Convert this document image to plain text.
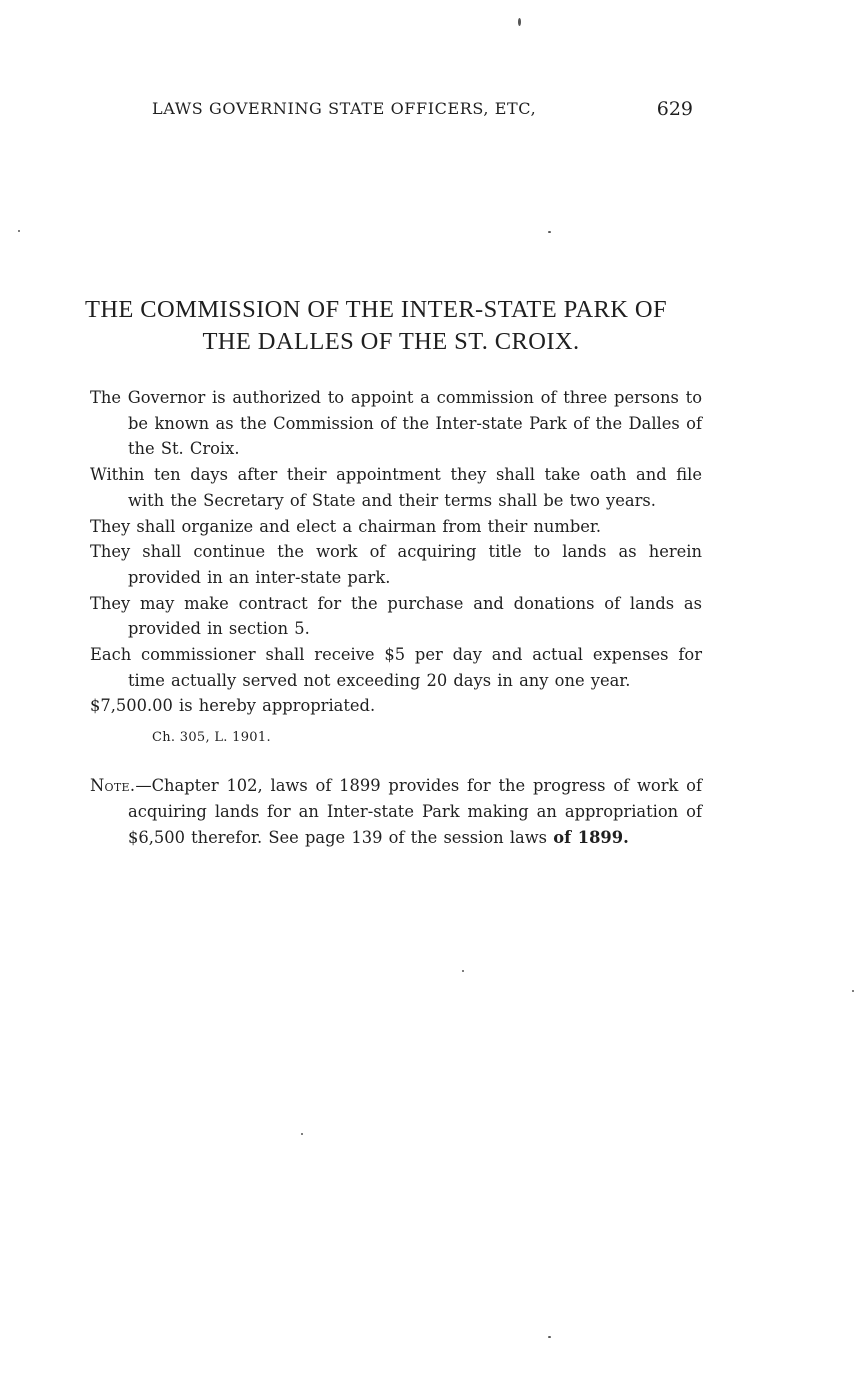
LAWS GOVERNING STATE OFFICERS, ETC,	629
THE COMMISSION OF THE INTER-STATE PARK OF
THE DALLES OF THE ST. CROIX.

The Governor is authorized to appoint a commission of three persons to be known as the Commission of the Inter-state Park of the Dalles of the St. Croix.

Within ten days after their appointment they shall take oath and file with the Secretary of State and their terms shall be two years.

They shall organize and elect a chairman from their number.

They shall continue the work of acquiring title to lands as herein provided in an inter-state park.

They may make contract for the purchase and donations of lands as provided in section 5.

Each commissioner shall receive $5 per day and actual expenses for time actually served not exceeding 20 days in any one year.

$7,500.00 is hereby appropriated.

Ch. 305, L. 1901.

Note.—Chapter 102, laws of 1899 provides for the progress of work of acquiring lands for an Inter-state Park making an appropriation of $6,500 therefor. See page 139 of the session laws of 1899.
